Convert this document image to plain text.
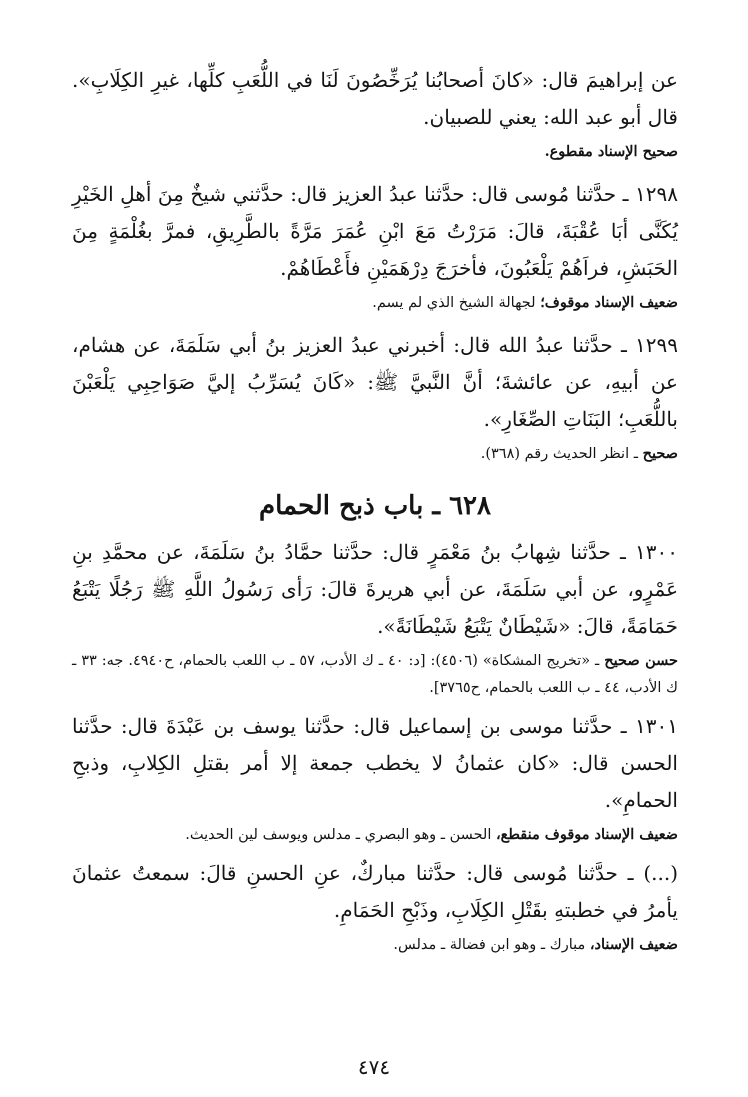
عن إبراهيمَ قال: «كانَ أصحابُنا يُرَخِّصُونَ لَنَا في اللُّعَبِ كلِّها، غيرِ الكِلَابِ». قال أبو عبد الله: يعني للصبيان.

صحيح الإسناد مقطوع.

١٢٩٨ ـ حدَّثنا مُوسى قال: حدَّثنا عبدُ العزيز قال: حدَّثني شيخٌ مِنَ أهلِ الخَيْرِ يُكَنَّى أبَا عُقْبَةَ، قالَ: مَرَرْتُ مَعَ ابْنِ عُمَرَ مَرَّةً بالطَّرِيقِ، فمرَّ بغُلْمَةٍ مِنَ الحَبَشِ، فراَهُمْ يَلْعَبُونَ، فأخرَجَ دِرْهَمَيْنِ فأَعْطَاهُمْ.

ضعيف الإسناد موقوف؛ لجهالة الشيخ الذي لم يسم.

١٢٩٩ ـ حدَّثنا عبدُ الله قال: أخبرني عبدُ العزيز بنُ أبي سَلَمَةَ، عن هشام، عن أبيهِ، عن عائشةَ؛ أنَّ النَّبيَّ ﷺ: «كَانَ يُسَرِّبُ إليَّ صَوَاحِبِي يَلْعَبْنَ باللُّعَبِ؛ البَنَاتِ الصِّغَارِ».

صحيح ـ انظر الحديث رقم (٣٦٨).

٦٢٨ ـ باب ذبح الحمام

١٣٠٠ ـ حدَّثنا شِهابُ بنُ مَعْمَرٍ قال: حدَّثنا حمَّادُ بنُ سَلَمَةَ، عن محمَّدِ بنِ عَمْرٍو، عن أبي سَلَمَةَ، عن أبي هريرةَ قالَ: رَأى رَسُولُ اللَّهِ ﷺ رَجُلًا يَتْبَعُ حَمَامَةً، قالَ: «شَيْطَانٌ يَتْبَعُ شَيْطَانَةً».

حسن صحيح ـ «تخريج المشكاة» (٤٥٠٦): [د: ٤٠ ـ ك الأدب، ٥٧ ـ ب اللعب بالحمام، ح٤٩٤٠. جه: ٣٣ ـ ك الأدب، ٤٤ ـ ب اللعب بالحمام، ح٣٧٦٥].

١٣٠١ ـ حدَّثنا موسى بن إسماعيل قال: حدَّثنا يوسف بن عَبْدَةَ قال: حدَّثنا الحسن قال: «كان عثمانُ لا يخطب جمعة إلا أمر بقتلِ الكِلابِ، وذبحِ الحمامِ».

ضعيف الإسناد موقوف منقطع، الحسن ـ وهو البصري ـ مدلس ويوسف لين الحديث.

(...) ـ حدَّثنا مُوسى قال: حدَّثنا مباركٌ، عنِ الحسنِ قالَ: سمعتُ عثمانَ يأمرُ في خطبتهِ بقَتْلِ الكِلَابِ، وذَبْحِ الحَمَامِ.

ضعيف الإسناد، مبارك ـ وهو ابن فضالة ـ مدلس.

٤٧٤
